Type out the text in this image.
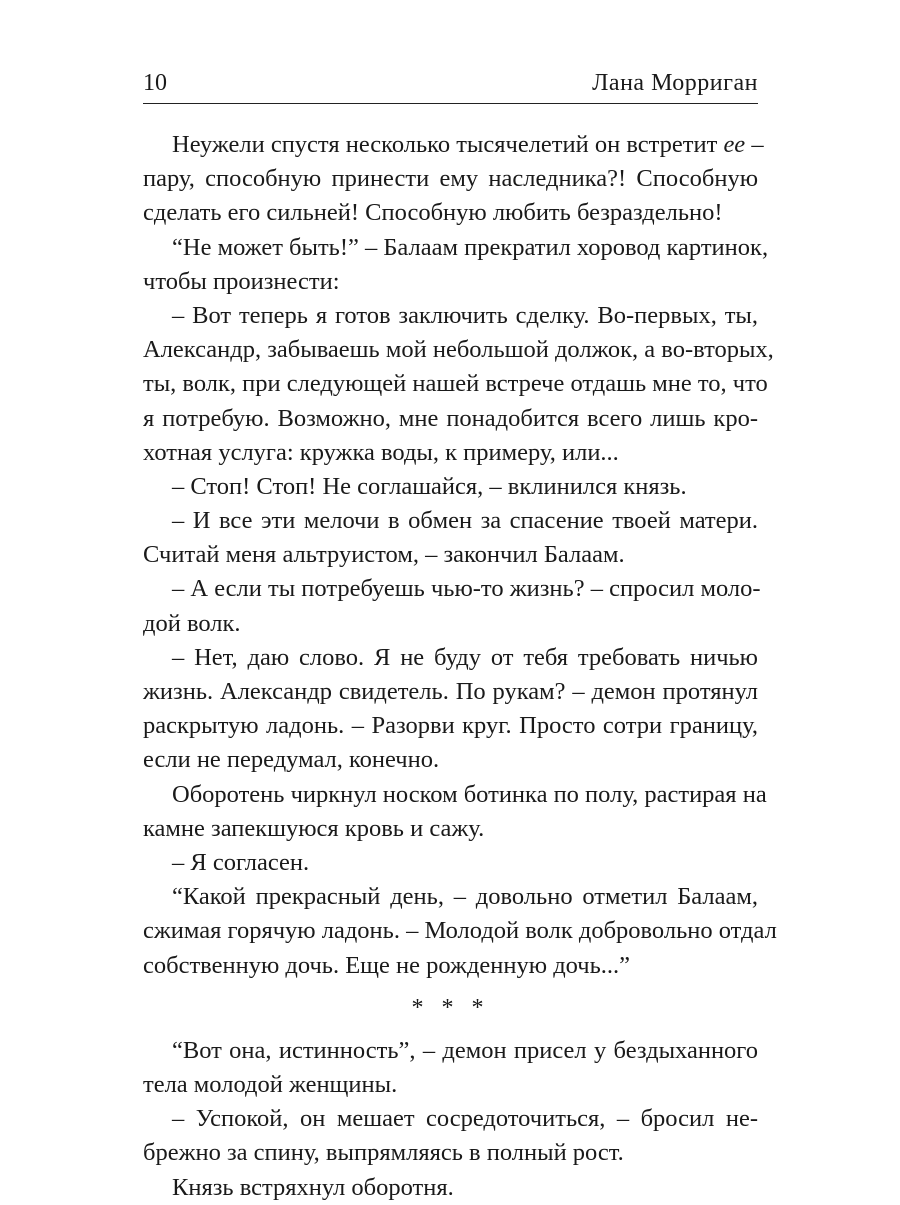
10	Лана Морриган
Неужели спустя несколько тысячелетий он встретит ее –
пару, способную принести ему наследника?! Способную
сделать его сильней! Способную любить безраздельно!
“Не может быть!” – Балаам прекратил хоровод картинок,
чтобы произнести:
– Вот теперь я готов заключить сделку. Во-первых, ты,
Александр, забываешь мой небольшой должок, а во-вторых,
ты, волк, при следующей нашей встрече отдашь мне то, что
я потребую. Возможно, мне понадобится всего лишь кро-
хотная услуга: кружка воды, к примеру, или...
– Стоп! Стоп! Не соглашайся, – вклинился князь.
– И все эти мелочи в обмен за спасение твоей матери.
Считай меня альтруистом, – закончил Балаам.
– А если ты потребуешь чью-то жизнь? – спросил моло-
дой волк.
– Нет, даю слово. Я не буду от тебя требовать ничью
жизнь. Александр свидетель. По рукам? – демон протянул
раскрытую ладонь. – Разорви круг. Просто сотри границу,
если не передумал, конечно.
Оборотень чиркнул носком ботинка по полу, растирая на
камне запекшуюся кровь и сажу.
– Я согласен.
“Какой прекрасный день, – довольно отметил Балаам,
сжимая горячую ладонь. – Молодой волк добровольно отдал
собственную дочь. Еще не рожденную дочь...”
* * *
“Вот она, истинность”, – демон присел у бездыханного
тела молодой женщины.
– Успокой, он мешает сосредоточиться, – бросил не-
брежно за спину, выпрямляясь в полный рост.
Князь встряхнул оборотня.
